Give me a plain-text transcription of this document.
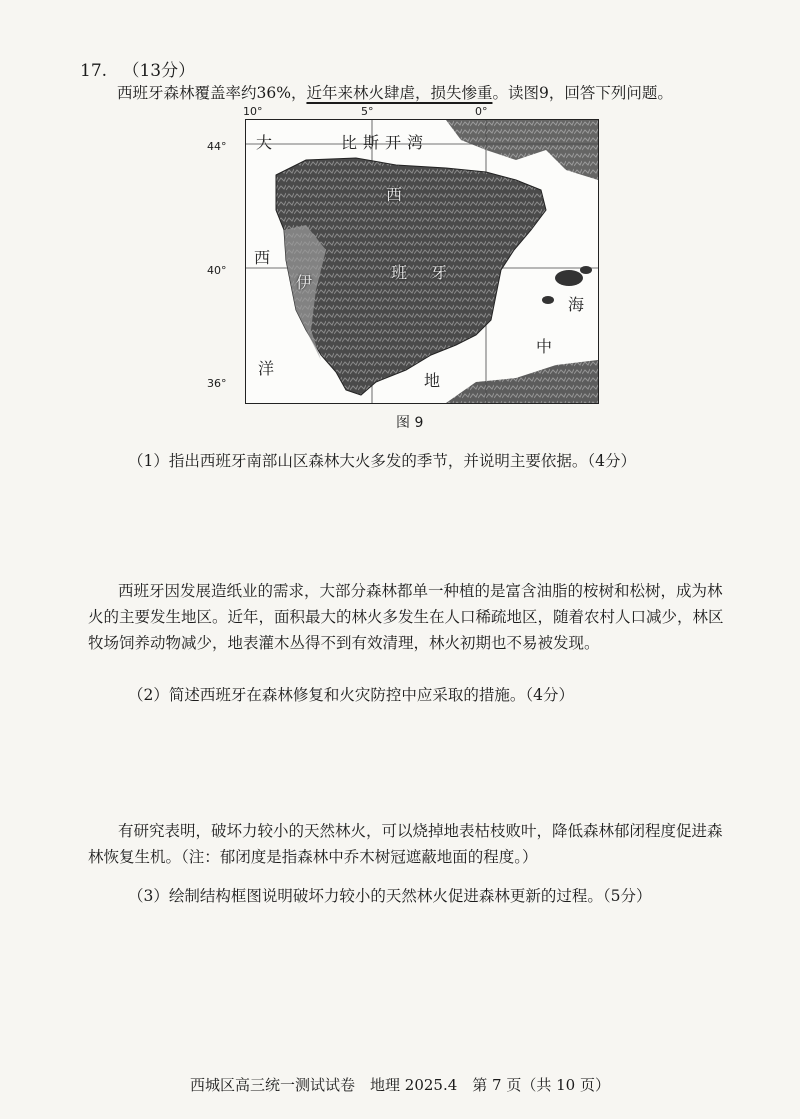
17. （13分）
西班牙森林覆盖率约36%，近年来林火肆虐，损失惨重。读图9，回答下列问题。
10°	5°	0°
44°
40°
36°
大	比斯开湾
西
伊
洋
西
班 牙
海
中
地
图 9
（1）指出西班牙南部山区森林大火多发的季节，并说明主要依据。（4分）
西班牙因发展造纸业的需求，大部分森林都单一种植的是富含油脂的桉树和松树，成为林火的主要发生地区。近年，面积最大的林火多发生在人口稀疏地区，随着农村人口减少，林区牧场饲养动物减少，地表灌木丛得不到有效清理，林火初期也不易被发现。
（2）简述西班牙在森林修复和火灾防控中应采取的措施。（4分）
有研究表明，破坏力较小的天然林火，可以烧掉地表枯枝败叶，降低森林郁闭程度促进森林恢复生机。（注：郁闭度是指森林中乔木树冠遮蔽地面的程度。）
（3）绘制结构框图说明破坏力较小的天然林火促进森林更新的过程。（5分）
西城区高三统一测试试卷　地理 2025.4　第 7 页（共 10 页）
